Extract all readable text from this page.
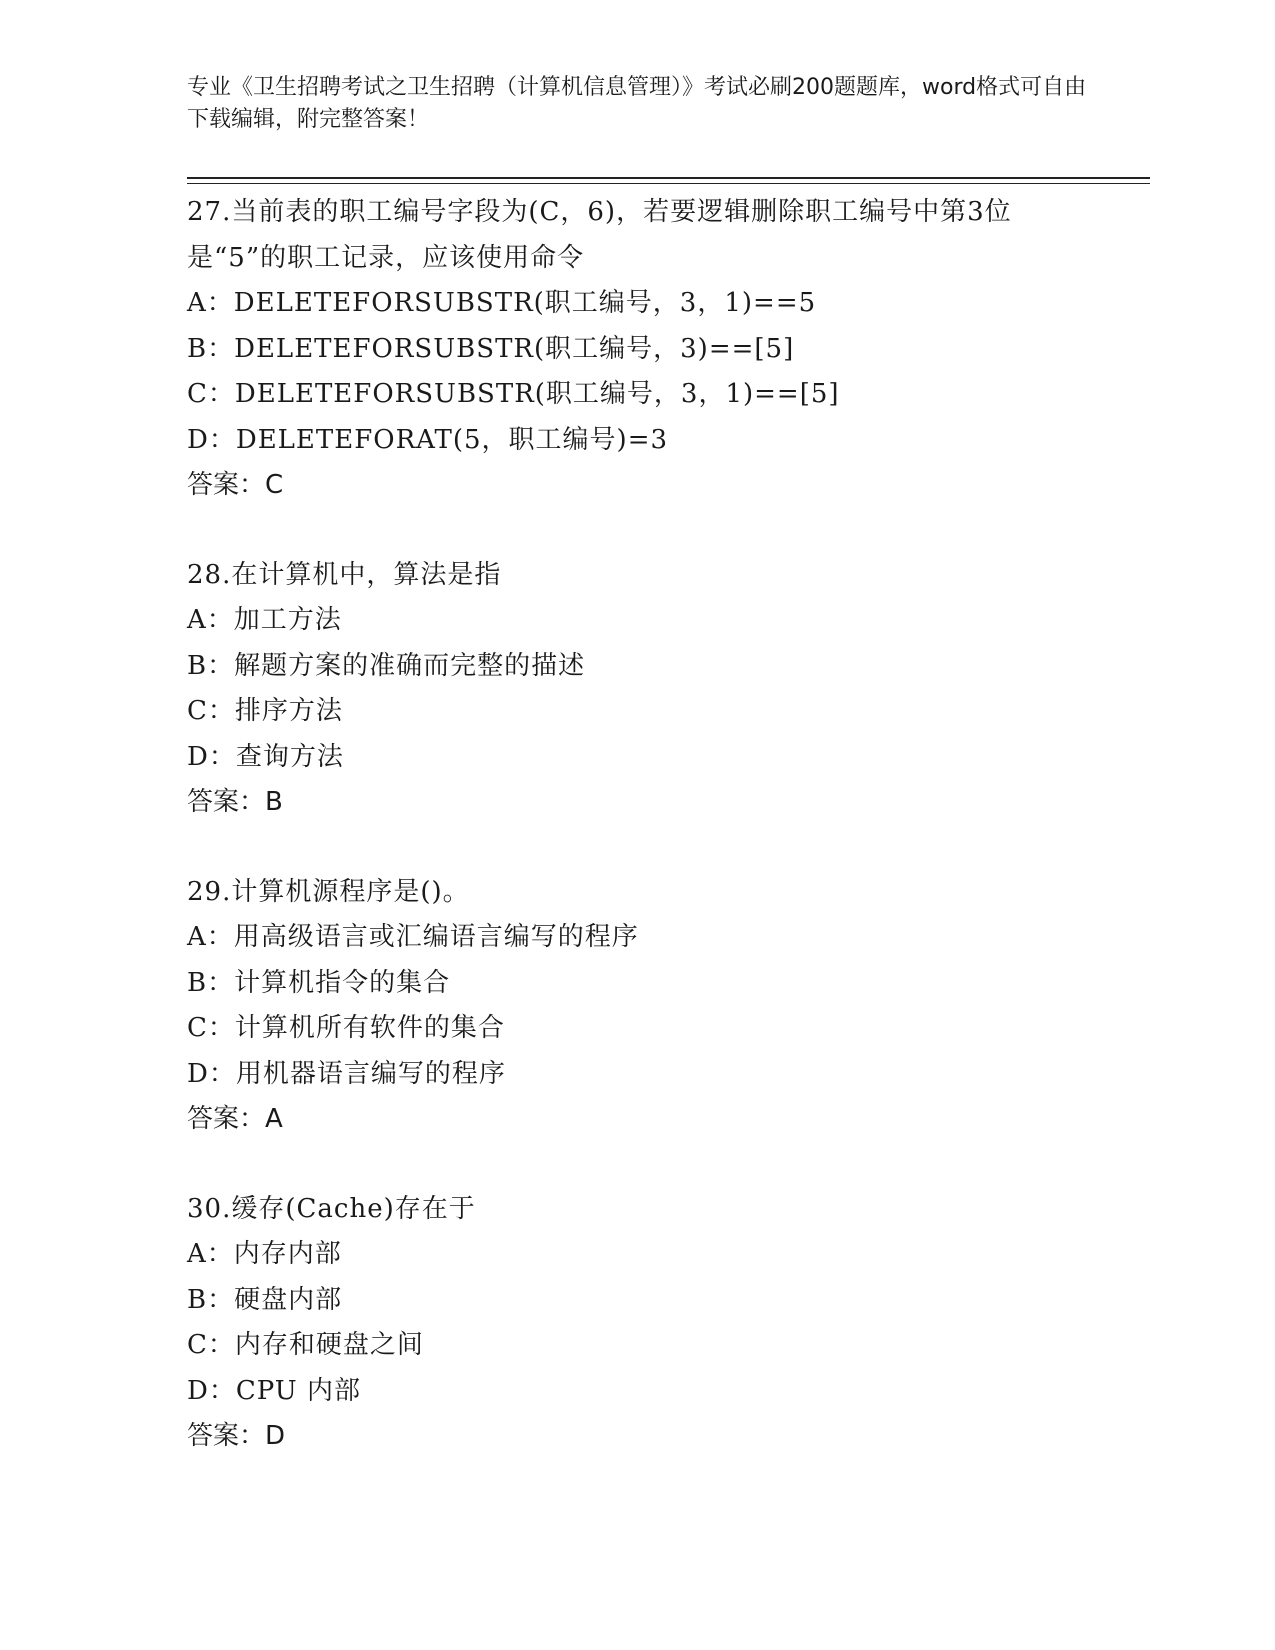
专业《卫生招聘考试之卫生招聘（计算机信息管理）》考试必刷200题题库，word格式可自由下载编辑，附完整答案！
27.当前表的职工编号字段为(C，6)，若要逻辑删除职工编号中第3位是“5”的职工记录，应该使用命令
A：DELETEFORSUBSTR(职工编号，3，1)==5
B：DELETEFORSUBSTR(职工编号，3)==[5]
C：DELETEFORSUBSTR(职工编号，3，1)==[5]
D：DELETEFORAT(5，职工编号)=3
答案：C
28.在计算机中，算法是指
A：加工方法
B：解题方案的准确而完整的描述
C：排序方法
D：查询方法
答案：B
29.计算机源程序是()。
A：用高级语言或汇编语言编写的程序
B：计算机指令的集合
C：计算机所有软件的集合
D：用机器语言编写的程序
答案：A
30.缓存(Cache)存在于
A：内存内部
B：硬盘内部
C：内存和硬盘之间
D：CPU 内部
答案：D
